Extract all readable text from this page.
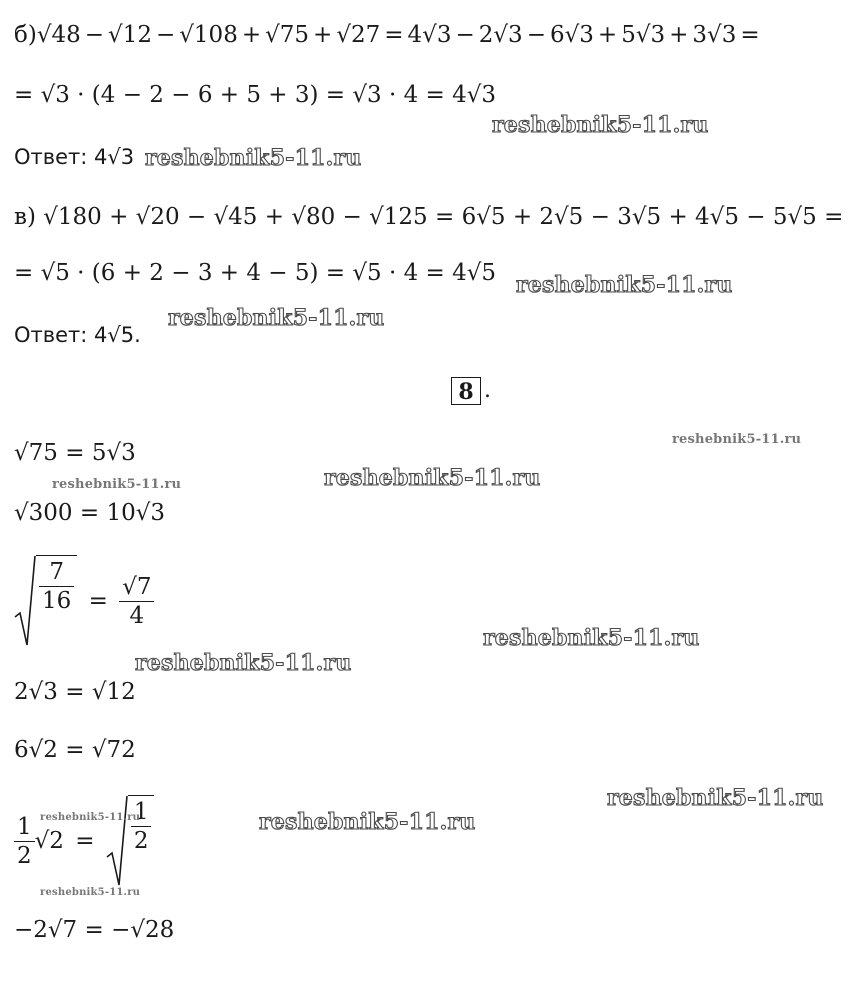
б)√48 − √12 − √108 + √75 + √27 = 4√3 − 2√3 − 6√3 + 5√3 + 3√3 =
= √3 · (4 − 2 − 6 + 5 + 3) = √3 · 4 = 4√3
Ответ: 4√3
в) √180 + √20 − √45 + √80 − √125 = 6√5 + 2√5 − 3√5 + 4√5 − 5√5 =
= √5 · (6 + 2 − 3 + 4 − 5) = √5 · 4 = 4√5
Ответ: 4√5.
8 .
√75 = 5√3
√300 = 10√3
$\frac{7}{16} = \frac{√7}{4}$
2√3 = √12
6√2 = √72
$\frac{1}{2} √2 = \frac{1}{2}$
−2√7 = −√28
reshebnik5-11.ru
reshebnik5-11.ru
reshebnik5-11.ru
reshebnik5-11.ru
reshebnik5-11.ru
reshebnik5-11.ru
reshebnik5-11.ru
reshebnik5-11.ru
reshebnik5-11.ru
reshebnik5-11.ru
reshebnik5-11.ru
reshebnik5-11.ru
reshebnik5-11.ru
